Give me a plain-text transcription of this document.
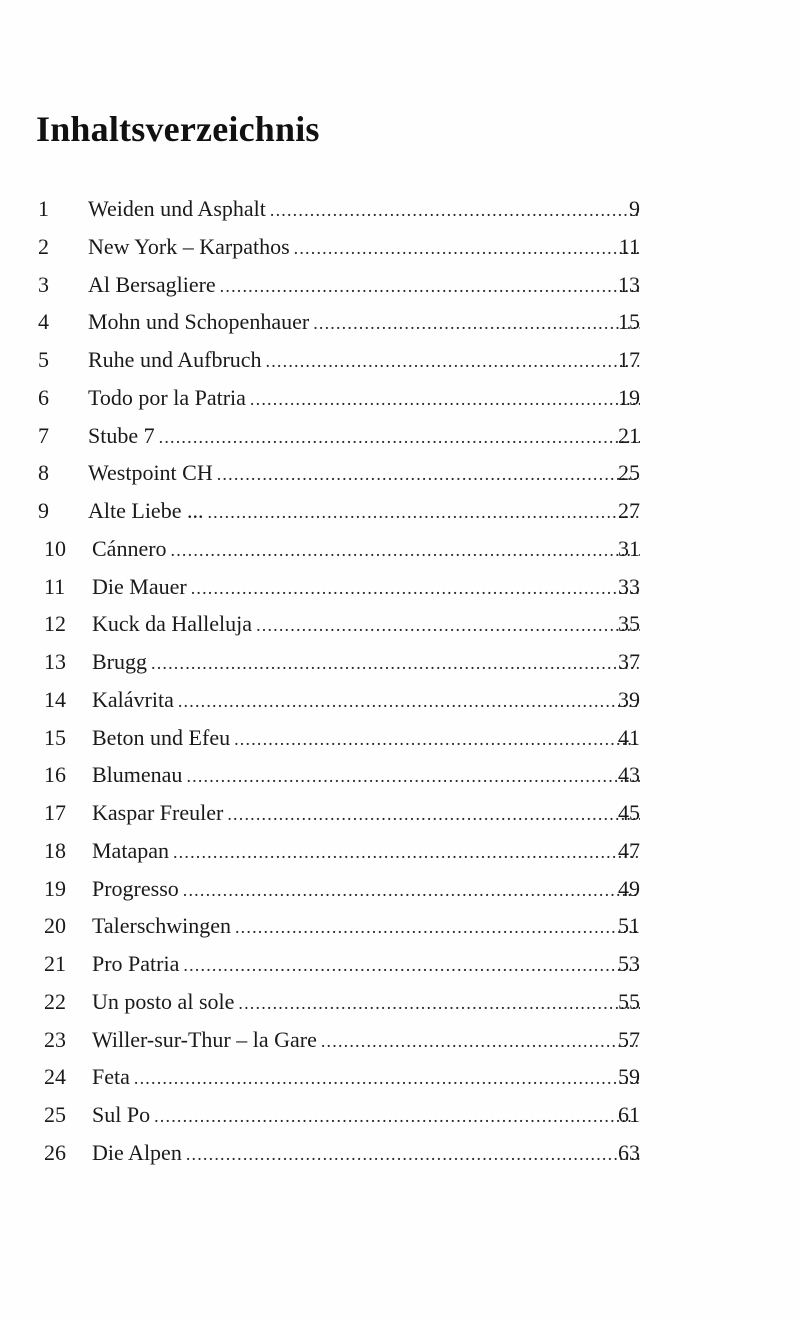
Inhaltsverzeichnis
1	Weiden und Asphalt .....	9
2	New York – Karpathos .....	11
3	Al Bersagliere .....	13
4	Mohn und Schopenhauer .....	15
5	Ruhe und Aufbruch .....	17
6	Todo por la Patria .....	19
7	Stube 7 .....	21
8	Westpoint CH .....	25
9	Alte Liebe ... .....	27
10	Cánnero .....	31
11	Die Mauer .....	33
12	Kuck da Halleluja .....	35
13	Brugg .....	37
14	Kalávrita .....	39
15	Beton und Efeu .....	41
16	Blumenau .....	43
17	Kaspar Freuler .....	45
18	Matapan .....	47
19	Progresso .....	49
20	Talerschwingen .....	51
21	Pro Patria .....	53
22	Un posto al sole .....	55
23	Willer-sur-Thur – la Gare .....	57
24	Feta .....	59
25	Sul Po .....	61
26	Die Alpen .....	63
